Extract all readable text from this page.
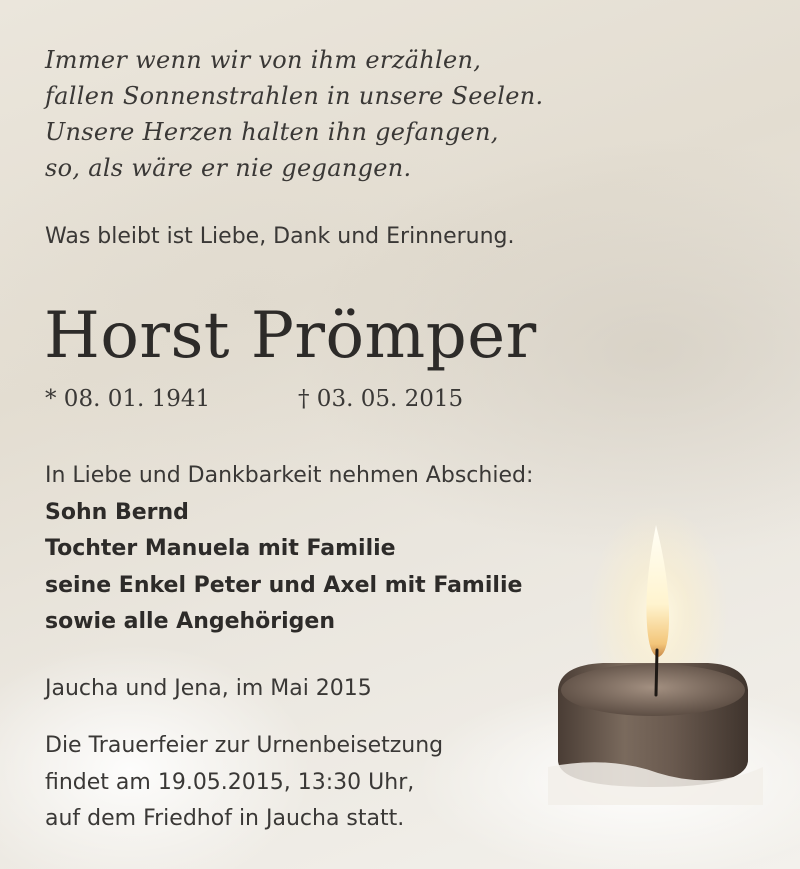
Immer wenn wir von ihm erzählen,
fallen Sonnenstrahlen in unsere Seelen.
Unsere Herzen halten ihn gefangen,
so, als wäre er nie gegangen.
Was bleibt ist Liebe, Dank und Erinnerung.
Horst Prömper
* 08. 01. 1941	† 03. 05. 2015
In Liebe und Dankbarkeit nehmen Abschied:
Sohn Bernd
Tochter Manuela mit Familie
seine Enkel Peter und Axel mit Familie
sowie alle Angehörigen
Jaucha und Jena, im Mai 2015
Die Trauerfeier zur Urnenbeisetzung
findet am 19.05.2015, 13:30 Uhr,
auf dem Friedhof in Jaucha statt.
